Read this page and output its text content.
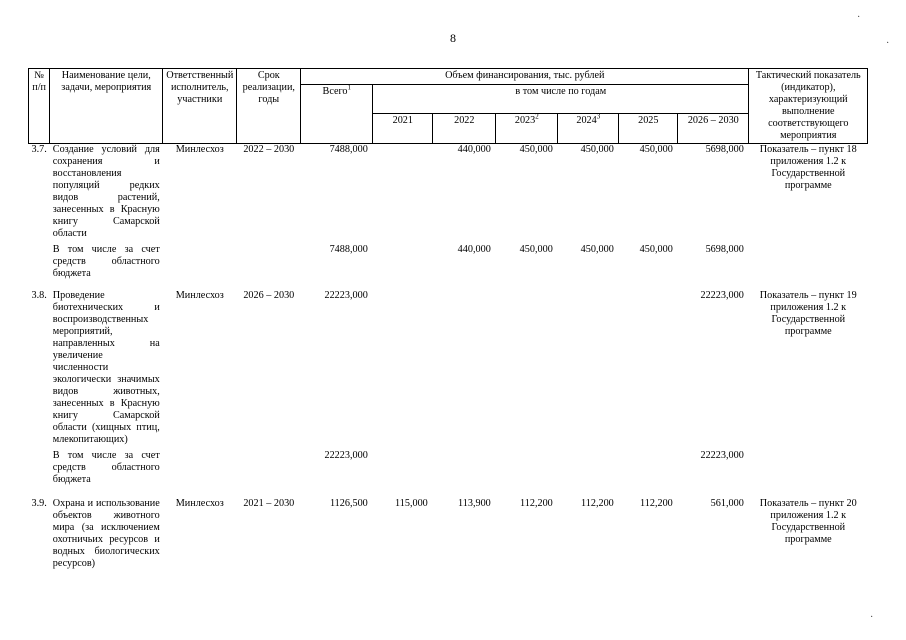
8
·
·
·
№ п/п	Наименование цели, задачи, мероприятия	Ответственный исполнитель, участники	Срок реализации, годы	Объем финансирования, тыс. рублей							Тактический показатель (индикатор), характеризующий выполнение соответствующего мероприятия
				Всего$^1$	в том числе по годам						
					2021	2022	2023$^2$	2024$^3$	2025	2026 – 2030	
3.7.	Создание условий для сохранения и восстановления популяций редких видов растений, занесенных в Красную книгу Самарской области	Минлесхоз	2022 – 2030	7488,000		440,000	450,000	450,000	450,000	5698,000	Показатель – пункт 18 приложения 1.2 к Государственной программе
	В том числе за счет средств областного бюджета			7488,000		440,000	450,000	450,000	450,000	5698,000	
3.8.	Проведение биотехнических и воспроизводственных мероприятий, направленных на увеличение численности экологически значимых видов животных, занесенных в Красную книгу Самарской области (хищных птиц, млекопитающих)	Минлесхоз	2026 – 2030	22223,000						22223,000	Показатель – пункт 19 приложения 1.2 к Государственной программе
	В том числе за счет средств областного бюджета			22223,000						22223,000	
3.9.	Охрана и использование объектов животного мира (за исключением охотничьих ресурсов и водных биологических ресурсов)	Минлесхоз	2021 – 2030	1126,500	115,000	113,900	112,200	112,200	112,200	561,000	Показатель – пункт 20 приложения 1.2 к Государственной программе
